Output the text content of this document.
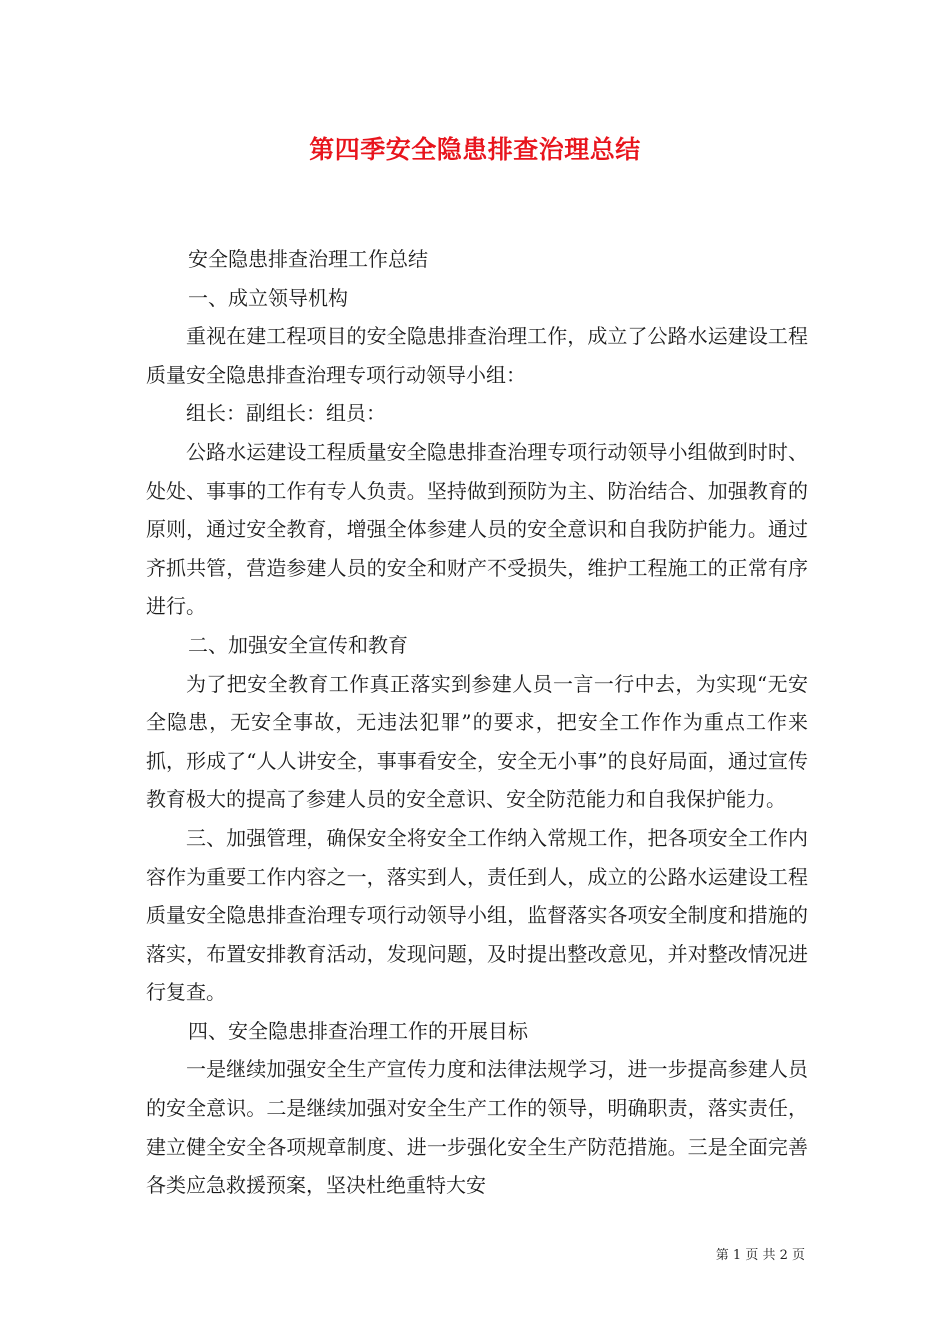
第四季安全隐患排查治理总结

安全隐患排查治理工作总结

一、成立领导机构

重视在建工程项目的安全隐患排查治理工作，成立了公路水运建设工程质量安全隐患排查治理专项行动领导小组：

组长：副组长：组员：

公路水运建设工程质量安全隐患排查治理专项行动领导小组做到时时、处处、事事的工作有专人负责。坚持做到预防为主、防治结合、加强教育的原则，通过安全教育，增强全体参建人员的安全意识和自我防护能力。通过齐抓共管，营造参建人员的安全和财产不受损失，维护工程施工的正常有序进行。

二、加强安全宣传和教育

为了把安全教育工作真正落实到参建人员一言一行中去，为实现“无安全隐患，无安全事故，无违法犯罪”的要求，把安全工作作为重点工作来抓，形成了“人人讲安全，事事看安全，安全无小事”的良好局面，通过宣传教育极大的提高了参建人员的安全意识、安全防范能力和自我保护能力。

三、加强管理，确保安全将安全工作纳入常规工作，把各项安全工作内容作为重要工作内容之一，落实到人，责任到人，成立的公路水运建设工程质量安全隐患排查治理专项行动领导小组，监督落实各项安全制度和措施的落实，布置安排教育活动，发现问题，及时提出整改意见，并对整改情况进行复查。

四、安全隐患排查治理工作的开展目标

一是继续加强安全生产宣传力度和法律法规学习，进一步提高参建人员的安全意识。二是继续加强对安全生产工作的领导，明确职责，落实责任，建立健全安全各项规章制度、进一步强化安全生产防范措施。三是全面完善各类应急救援预案，坚决杜绝重特大安

第 1 页 共 2 页
